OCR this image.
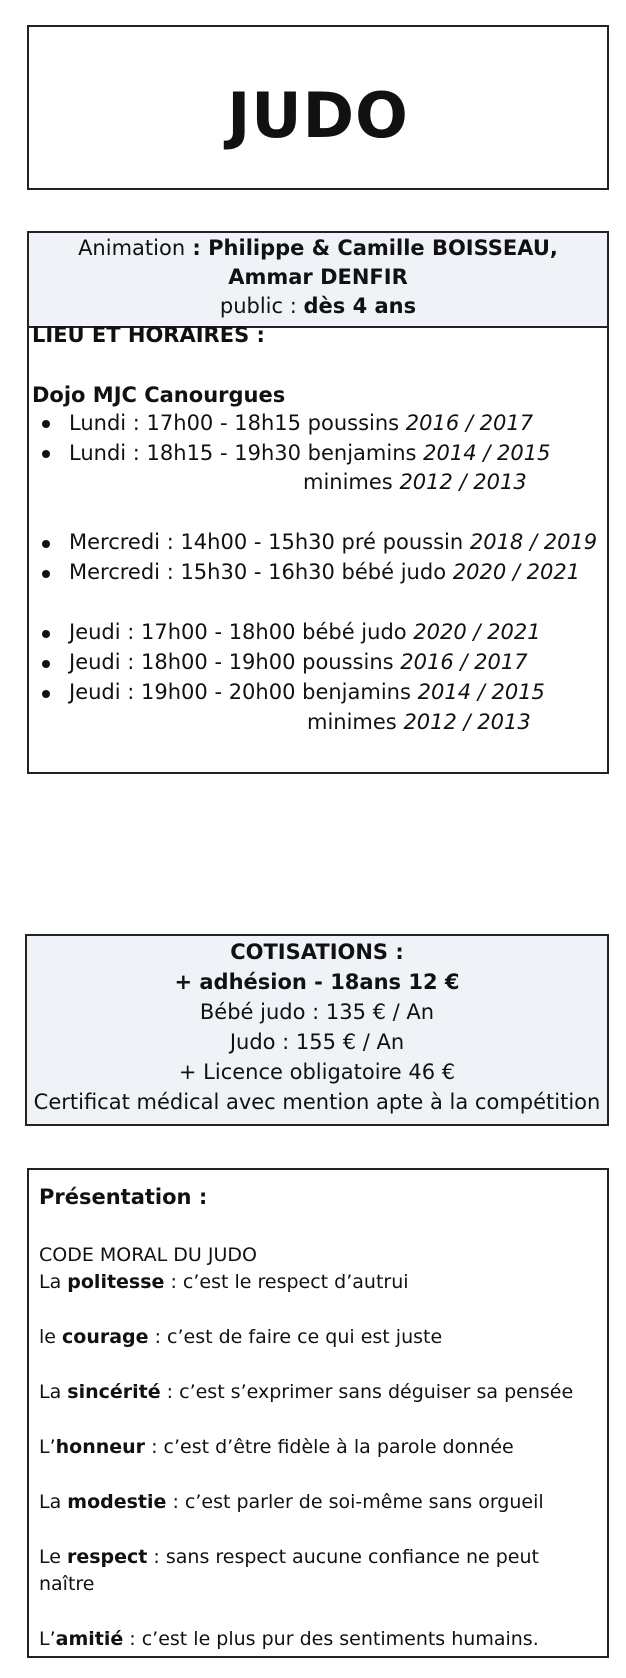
JUDO
Animation : Philippe & Camille BOISSEAU,
Ammar DENFIR
public : dès 4 ans
LIEU ET HORAIRES :
Dojo MJC Canourgues
Lundi : 17h00 - 18h15 poussins 2016 / 2017
Lundi : 18h15 - 19h30 benjamins 2014 / 2015
minimes 2012 / 2013
Mercredi : 14h00 - 15h30 pré poussin 2018 / 2019
Mercredi : 15h30 - 16h30 bébé judo 2020 / 2021
Jeudi : 17h00 - 18h00 bébé judo 2020 / 2021
Jeudi : 18h00 - 19h00 poussins 2016 / 2017
Jeudi : 19h00 - 20h00 benjamins 2014 / 2015
minimes 2012 / 2013
COTISATIONS :
+ adhésion - 18ans 12 €
Bébé judo : 135 € / An
Judo : 155 € / An
+ Licence obligatoire 46 €
Certificat médical avec mention apte à la compétition
Présentation :
CODE MORAL DU JUDO
La politesse : c’est le respect d’autrui
le courage : c’est de faire ce qui est juste
La sincérité : c’est s’exprimer sans déguiser sa pensée
L’honneur : c’est d’être fidèle à la parole donnée
La modestie : c’est parler de soi-même sans orgueil
Le respect : sans respect aucune confiance ne peut
naître
L’amitié : c’est le plus pur des sentiments humains.
